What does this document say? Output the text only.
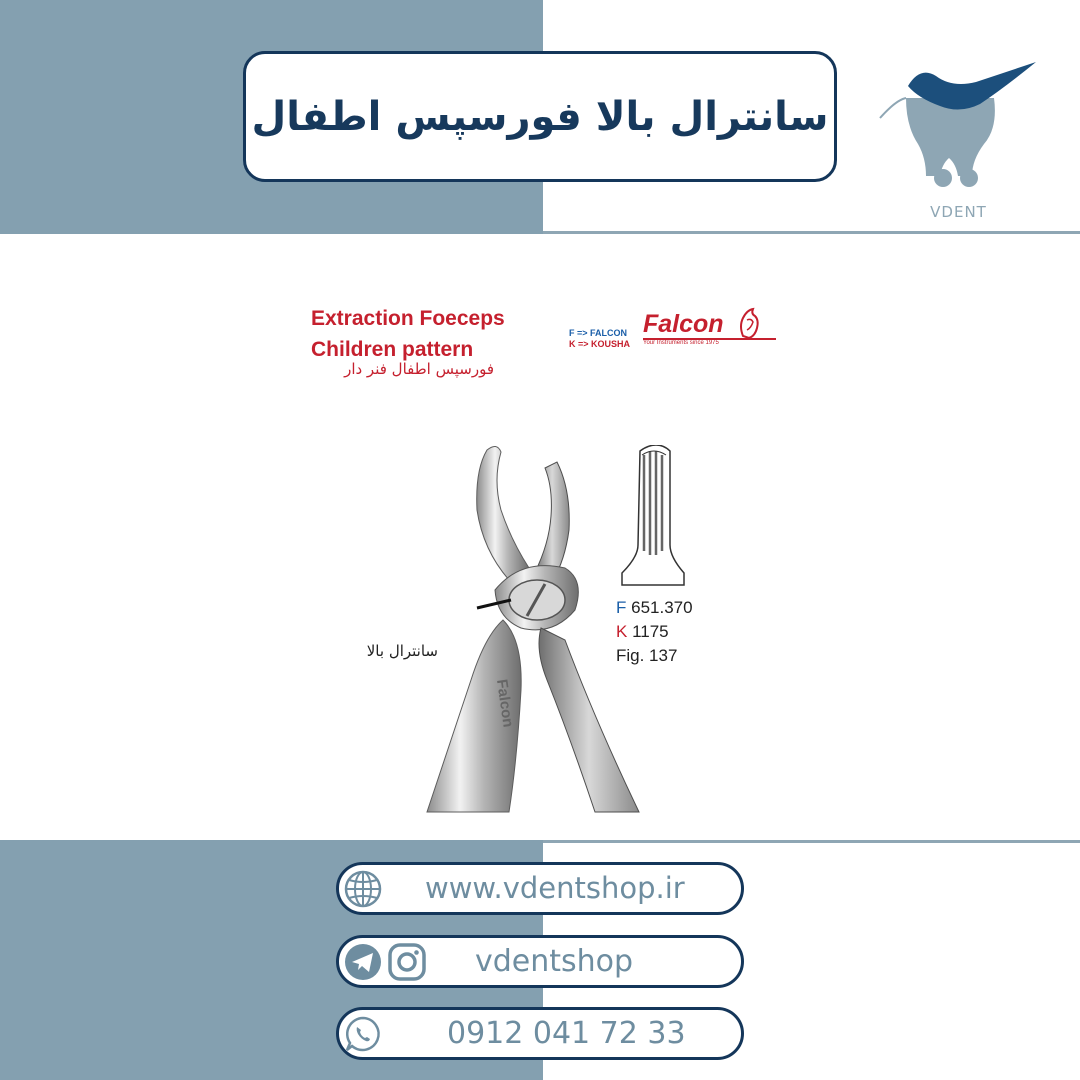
سانترال بالا فورسپس اطفال
VDENT
Extraction Foeceps
Children pattern
فورسپس اطفال فنر دار
F => FALCON
K => KOUSHA
Falcon
Your Instruments since 1975
Falcon
F 651.370
K 1175
Fig. 137
سانترال بالا
www.vdentshop.ir
vdentshop
0912 041 72 33
